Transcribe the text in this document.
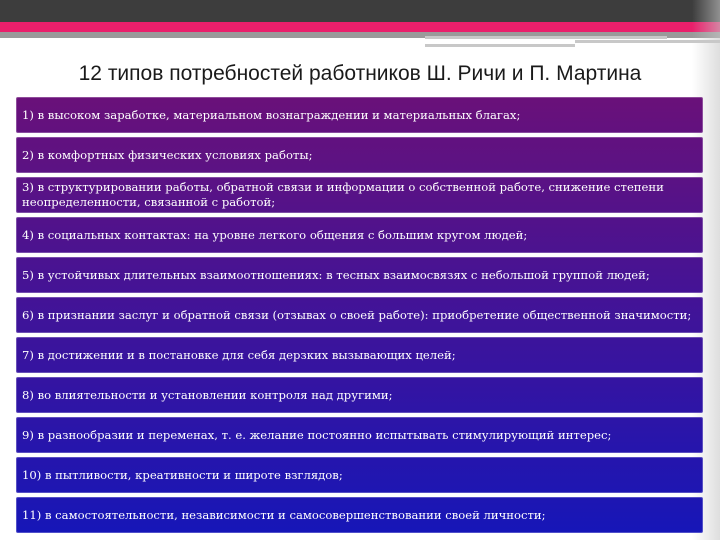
12 типов потребностей работников Ш. Ричи и П. Мартина
1) в высоком заработке, материальном вознаграждении и материальных благах;
2) в комфортных физических условиях работы;
3) в структурировании работы, обратной связи и информации о собственной работе, снижение степени неопределенности, связанной с работой;
4) в социальных контактах: на уровне легкого общения с большим кругом людей;
5) в устойчивых длительных взаимоотношениях: в тесных взаимосвязях с небольшой группой людей;
6) в признании заслуг и обратной связи (отзывах о своей работе): приобретение общественной значимости;
7) в достижении и в постановке для себя дерзких вызывающих целей;
8) во влиятельности и установлении контроля над другими;
9) в разнообразии и переменах, т. е. желание постоянно испытывать стимулирующий интерес;
10) в пытливости, креативности и широте взглядов;
11) в самостоятельности, независимости и самосовершенствовании своей личности;
